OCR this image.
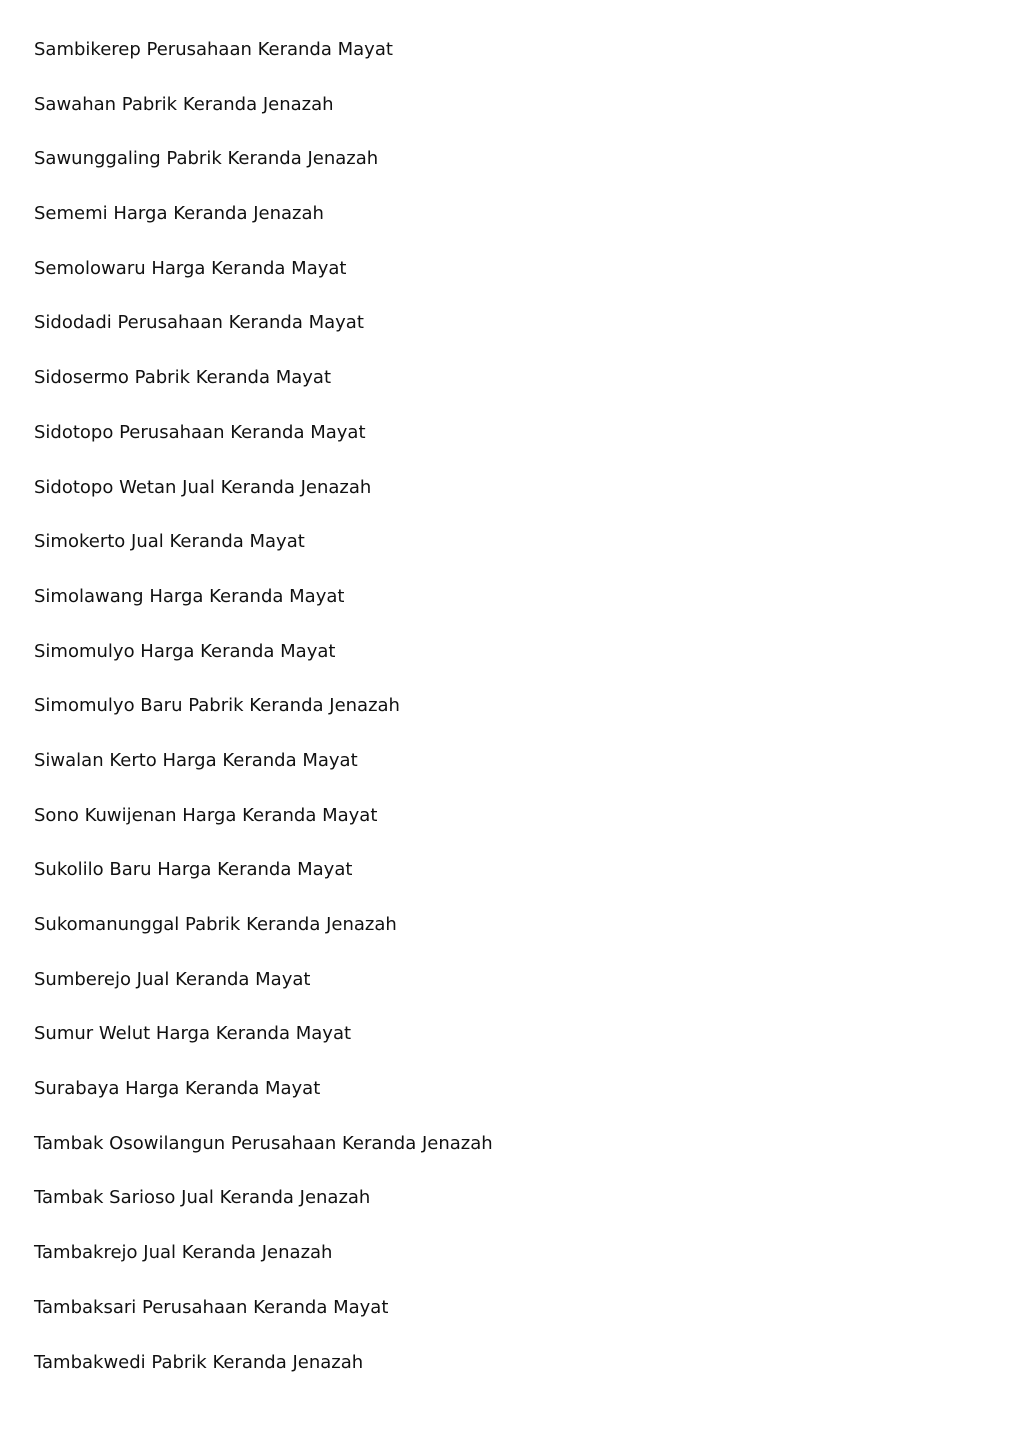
Sambikerep Perusahaan Keranda Mayat
Sawahan Pabrik Keranda Jenazah
Sawunggaling Pabrik Keranda Jenazah
Sememi Harga Keranda Jenazah
Semolowaru Harga Keranda Mayat
Sidodadi Perusahaan Keranda Mayat
Sidosermo Pabrik Keranda Mayat
Sidotopo Perusahaan Keranda Mayat
Sidotopo Wetan Jual Keranda Jenazah
Simokerto Jual Keranda Mayat
Simolawang Harga Keranda Mayat
Simomulyo Harga Keranda Mayat
Simomulyo Baru Pabrik Keranda Jenazah
Siwalan Kerto Harga Keranda Mayat
Sono Kuwijenan Harga Keranda Mayat
Sukolilo Baru Harga Keranda Mayat
Sukomanunggal Pabrik Keranda Jenazah
Sumberejo Jual Keranda Mayat
Sumur Welut Harga Keranda Mayat
Surabaya Harga Keranda Mayat
Tambak Osowilangun Perusahaan Keranda Jenazah
Tambak Sarioso Jual Keranda Jenazah
Tambakrejo Jual Keranda Jenazah
Tambaksari Perusahaan Keranda Mayat
Tambakwedi Pabrik Keranda Jenazah
